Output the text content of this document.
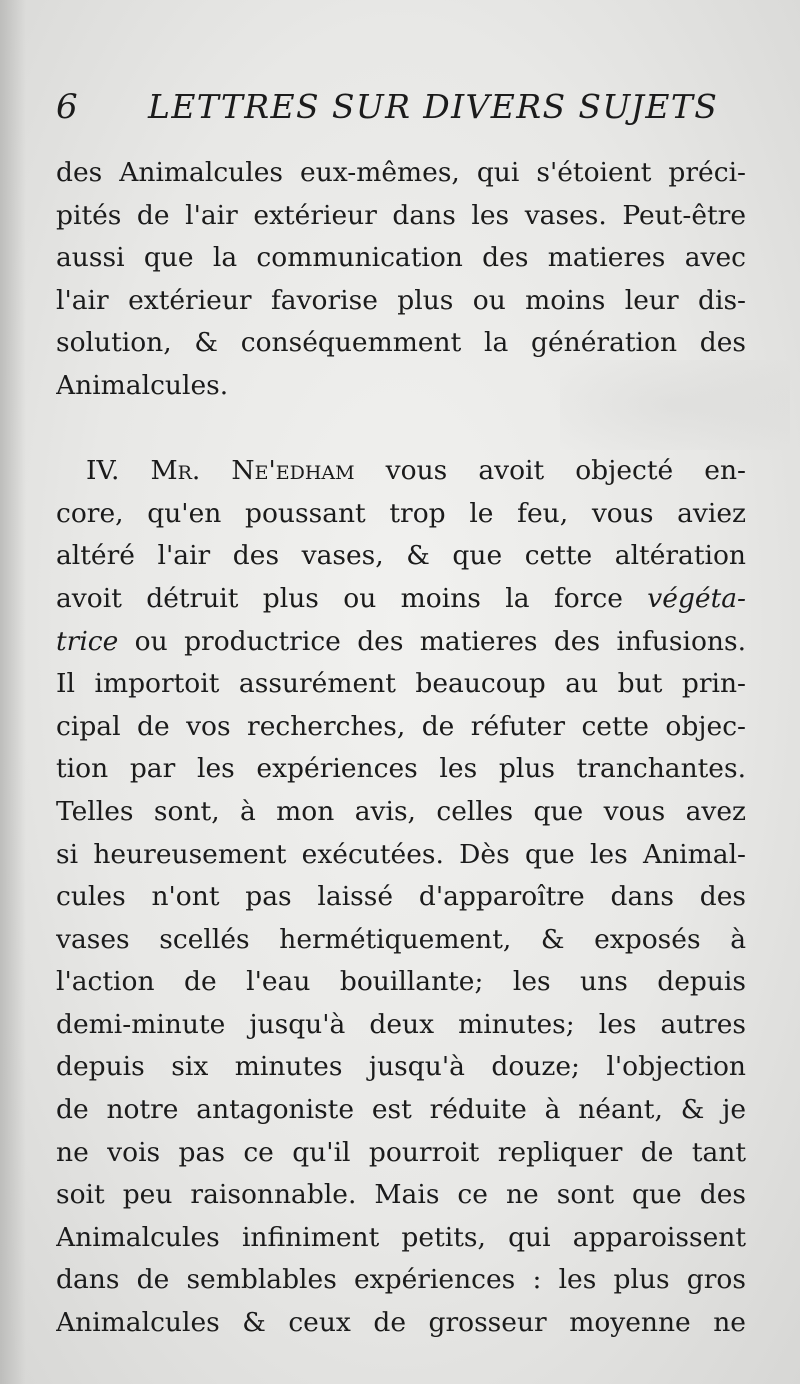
6 LETTRES SUR DIVERS SUJETS
des Animalcules eux-mêmes, qui s'étoient préci-
pités de l'air extérieur dans les vases. Peut-être
aussi que la communication des matieres avec
l'air extérieur favorise plus ou moins leur dis-
solution, & conséquemment la génération des
Animalcules.
IV. Mr. Ne'edham vous avoit objecté en-
core, qu'en poussant trop le feu, vous aviez
altéré l'air des vases, & que cette altération
avoit détruit plus ou moins la force végéta-
trice ou productrice des matieres des infusions.
Il importoit assurément beaucoup au but prin-
cipal de vos recherches, de réfuter cette objec-
tion par les expériences les plus tranchantes.
Telles sont, à mon avis, celles que vous avez
si heureusement exécutées. Dès que les Animal-
cules n'ont pas laissé d'apparoître dans des
vases scellés hermétiquement, & exposés à
l'action de l'eau bouillante; les uns depuis
demi-minute jusqu'à deux minutes; les autres
depuis six minutes jusqu'à douze; l'objection
de notre antagoniste est réduite à néant, & je
ne vois pas ce qu'il pourroit repliquer de tant
soit peu raisonnable. Mais ce ne sont que des
Animalcules infiniment petits, qui apparoissent
dans de semblables expériences : les plus gros
Animalcules & ceux de grosseur moyenne ne
